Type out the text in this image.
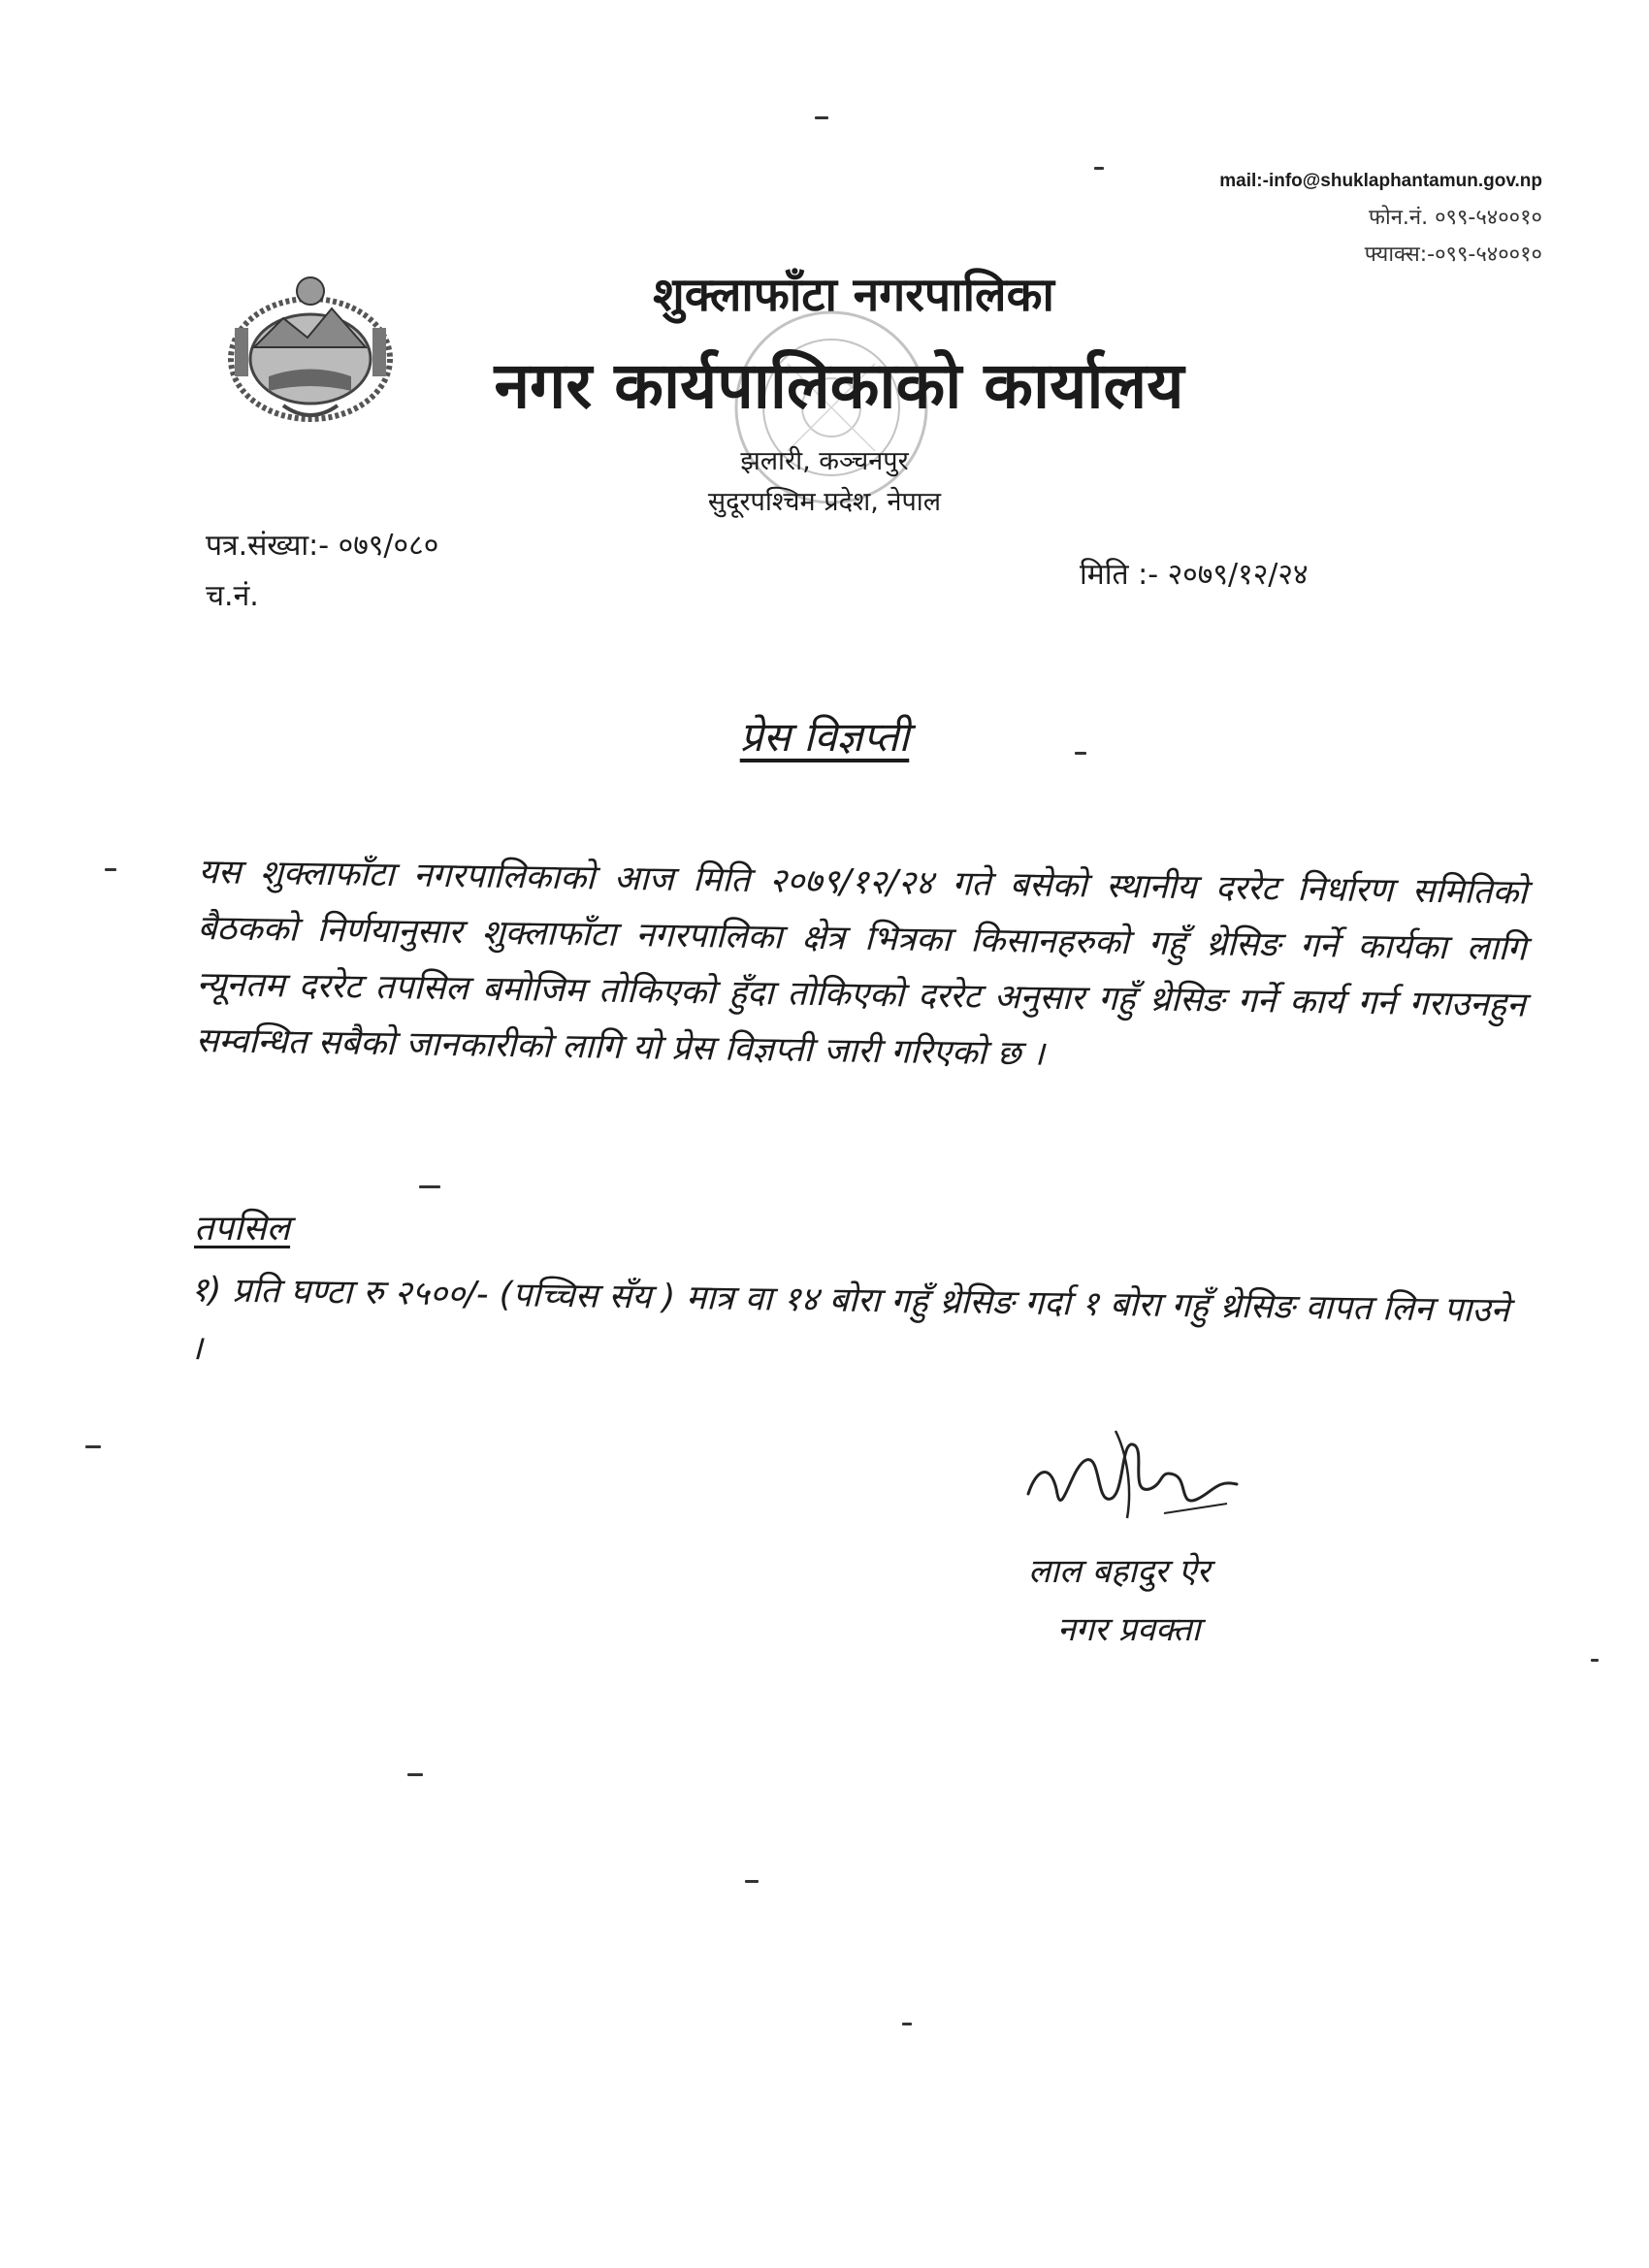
mail:-info@shuklaphantamun.gov.np
फोन.नं. ०९९-५४००१०
फ्याक्स:-०९९-५४००१०
शुक्लाफाँटा नगरपालिका
नगर कार्यपालिकाको कार्यालय
झलारी, कञ्चनपुर
सुदूरपश्चिम प्रदेश, नेपाल
पत्र.संख्या:- ०७९/०८०
च.नं.
मिति :- २०७९/१२/२४
प्रेस विज्ञप्ती
यस शुक्लाफाँटा नगरपालिकाको आज मिति २०७९/१२/२४ गते बसेको स्थानीय दररेट निर्धारण समितिको बैठकको निर्णयानुसार शुक्लाफाँटा नगरपालिका क्षेत्र भित्रका किसानहरुको गहुँ थ्रेसिङ गर्ने कार्यका लागि न्यूनतम दररेट तपसिल बमोजिम तोकिएको हुँदा तोकिएको दररेट अनुसार गहुँ थ्रेसिङ गर्ने कार्य गर्न गराउनहुन सम्वन्धित सबैको जानकारीको लागि यो प्रेस विज्ञप्ती जारी गरिएको छ ।
तपसिल
१) प्रति घण्टा रु २५००/- (पच्चिस सँय ) मात्र वा १४ बोरा गहुँ थ्रेसिङ गर्दा १ बोरा गहुँ थ्रेसिङ वापत लिन पाउने ।
लाल बहादुर ऐर
नगर प्रवक्ता
